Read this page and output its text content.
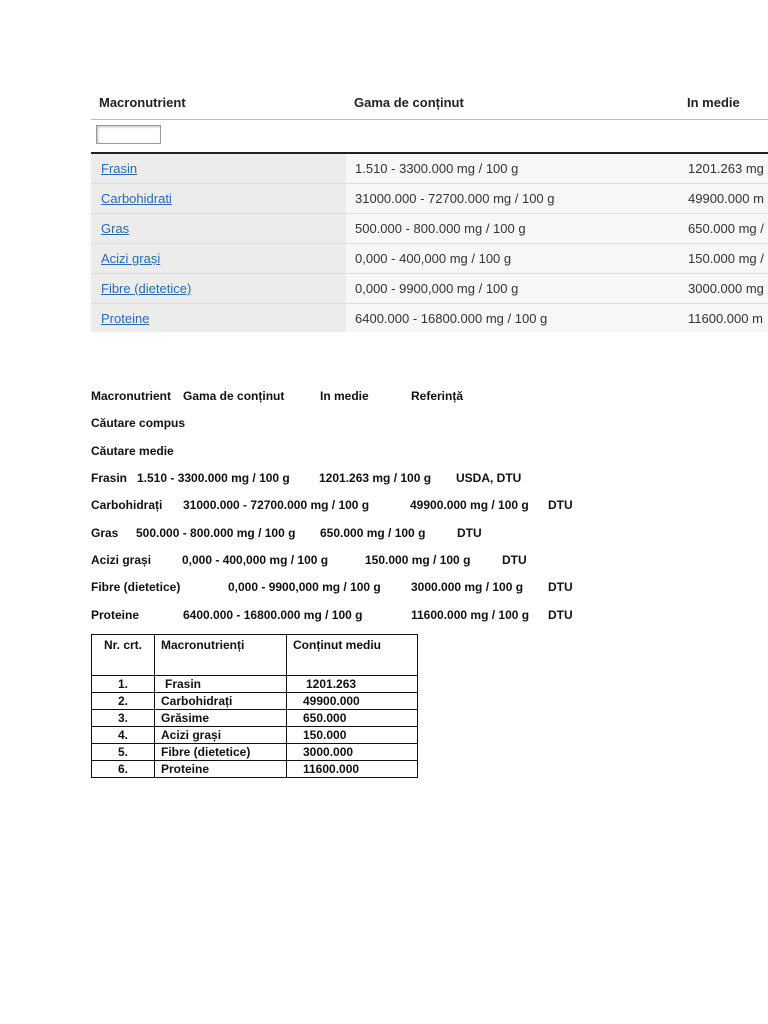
Macronutrient	Gama de conținut	In medie
Frasin	1.510 - 3300.000 mg / 100 g	1201.263 mg
Carbohidrati	31000.000 - 72700.000 mg / 100 g	49900.000 m
Gras	500.000 - 800.000 mg / 100 g	650.000 mg /
Acizi grași	0,000 - 400,000 mg / 100 g	150.000 mg /
Fibre (dietetice)	0,000 - 9900,000 mg / 100 g	3000.000 mg
Proteine	6400.000 - 16800.000 mg / 100 g	11600.000 m
Macronutrient Gama de conținut	In medie	Referință
Căutare compus
Căutare medie
Frasin 1.510 - 3300.000 mg / 100 g 1201.263 mg / 100 g USDA, DTU
Carbohidrați 31000.000 - 72700.000 mg / 100 g	49900.000 mg / 100 g DTU
Gras 500.000 - 800.000 mg / 100 g 650.000 mg / 100 g	DTU
Acizi grași	0,000 - 400,000 mg / 100 g	150.000 mg / 100 g	DTU
Fibre (dietetice)	0,000 - 9900,000 mg / 100 g	3000.000 mg / 100 g DTU
Proteine	6400.000 - 16800.000 mg / 100 g	11600.000 mg / 100 g DTU
Nr. crt.	Macronutrienți	Conținut mediu
1.	Frasin	1201.263
2.	Carbohidrați	49900.000
3.	Grăsime	650.000
4.	Acizi grași	150.000
5.	Fibre (dietetice)	3000.000
6.	Proteine	11600.000
